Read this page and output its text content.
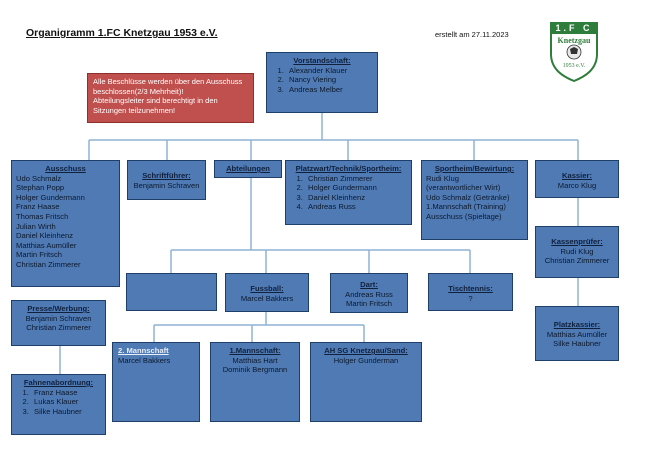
Organigramm 1.FC Knetzgau 1953 e.V.	erstellt am 27.11.2023
1.F C
Knetzgau
1953 e.V.
Alle Beschlüsse werden über den Ausschuss
beschlossen(2/3 Mehrheit)!
Abteilungsleiter sind berechtigt in den
Sitzungen teilzunehmen!
Vorstandschaft:
1. Alexander Klauer
2. Nancy Viering
3. Andreas Melber
Ausschuss
Udo Schmalz
Stephan Popp
Holger Gundermann
Franz Haase
Thomas Fritsch
Julian Wirth
Daniel Kleinhenz
Matthias Aumüller
Martin Fritsch
Christian Zimmerer
Schriftführer:
Benjamin Schraven
Abteilungen	Platzwart/Technik/Sportheim:
1. Christian Zimmerer
2. Holger Gundermann
3. Daniel Kleinhenz
4. Andreas Russ
Sportheim/Bewirtung:
Rudi Klug
(verantwortlicher Wirt)
Udo Schmalz (Getränke)
1.Mannschaft (Training)
Ausschuss (Spieltage)
Kassier:
Marco Klug
Kassenprüfer:
Rudi Klug
Christian Zimmerer
Platzkassier:
Matthias Aumüller
Silke Haubner
Fussball:
Marcel Bakkers
Dart:
Andreas Russ
Martin Fritsch
Tischtennis:
?
2. Mannschaft
Marcel Bakkers
1.Mannschaft:
Matthias Hart
Dominik Bergmann
AH SG Knetzgau/Sand:
Holger Gunderman
Presse/Werbung:
Benjamin Schraven
Christian Zimmerer
Fahnenabordnung:
1. Franz Haase
2. Lukas Klauer
3. Silke Haubner
